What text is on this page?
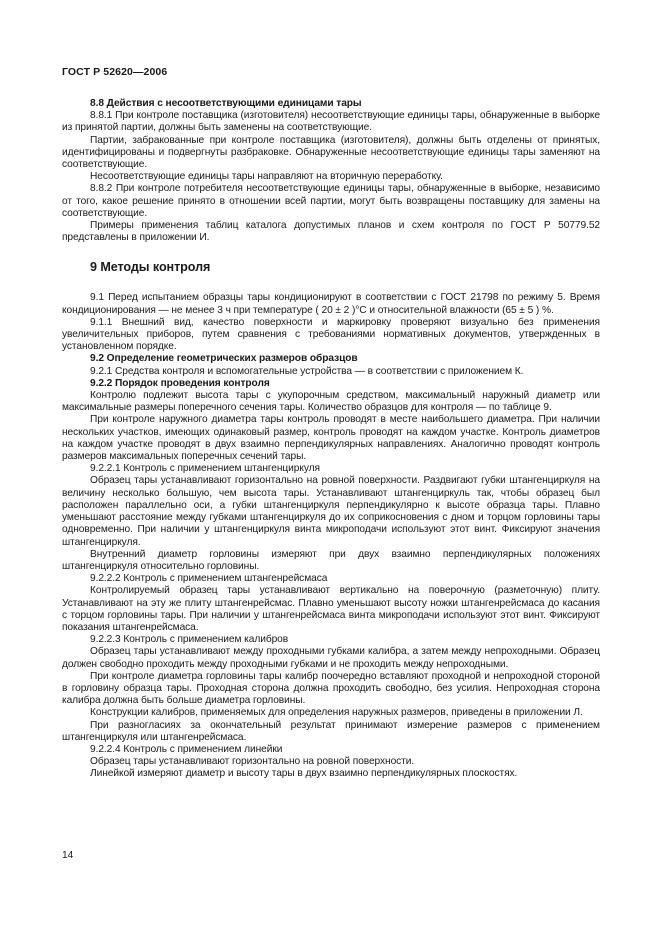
ГОСТ Р 52620—2006

8.8 Действия с несоответствующими единицами тары

8.8.1 При контроле поставщика (изготовителя) несоответствующие единицы тары, обнаруженные в выборке из принятой партии, должны быть заменены на соответствующие.

Партии, забракованные при контроле поставщика (изготовителя), должны быть отделены от принятых, идентифицированы и подвергнуты разбраковке. Обнаруженные несоответствующие единицы тары заменяют на соответствующие.

Несоответствующие единицы тары направляют на вторичную переработку.

8.8.2 При контроле потребителя несоответствующие единицы тары, обнаруженные в выборке, независимо от того, какое решение принято в отношении всей партии, могут быть возвращены поставщику для замены на соответствующие.

Примеры применения таблиц каталога допустимых планов и схем контроля по ГОСТ Р 50779.52 представлены в приложении И.

9 Методы контроля

9.1 Перед испытанием образцы тары кондиционируют в соответствии с ГОСТ 21798 по режиму 5. Время кондиционирования — не менее 3 ч при температуре ( 20 ± 2 )°С и относительной влажности (65 ± 5 ) %.

9.1.1 Внешний вид, качество поверхности и маркировку проверяют визуально без применения увеличительных приборов, путем сравнения с требованиями нормативных документов, утвержденных в установленном порядке.

9.2 Определение геометрических размеров образцов

9.2.1 Средства контроля и вспомогательные устройства — в соответствии с приложением К.

9.2.2 Порядок проведения контроля

Контролю подлежит высота тары с укупорочным средством, максимальный наружный диаметр или максимальные размеры поперечного сечения тары. Количество образцов для контроля — по таблице 9.

При контроле наружного диаметра тары контроль проводят в месте наибольшего диаметра. При наличии нескольких участков, имеющих одинаковый размер, контроль проводят на каждом участке. Контроль диаметров на каждом участке проводят в двух взаимно перпендикулярных направлениях. Аналогично проводят контроль размеров максимальных поперечных сечений тары.

9.2.2.1 Контроль с применением штангенциркуля

Образец тары устанавливают горизонтально на ровной поверхности. Раздвигают губки штангенциркуля на величину несколько большую, чем высота тары. Устанавливают штангенциркуль так, чтобы образец был расположен параллельно оси, а губки штангенциркуля перпендикулярно к высоте образца тары. Плавно уменьшают расстояние между губками штангенциркуля до их соприкосновения с дном и торцом горловины тары одновременно. При наличии у штангенциркуля винта микроподачи используют этот винт. Фиксируют значения штангенциркуля.

Внутренний диаметр горловины измеряют при двух взаимно перпендикулярных положениях штангенциркуля относительно горловины.

9.2.2.2 Контроль с применением штангенрейсмаса

Контролируемый образец тары устанавливают вертикально на поверочную (разметочную) плиту. Устанавливают на эту же плиту штангенрейсмас. Плавно уменьшают высоту ножки штангенрейсмаса до касания с торцом горловины тары. При наличии у штангенрейсмаса винта микроподачи используют этот винт. Фиксируют показания штангенрейсмаса.

9.2.2.3 Контроль с применением калибров

Образец тары устанавливают между проходными губками калибра, а затем между непроходными. Образец должен свободно проходить между проходными губками и не проходить между непроходными.

При контроле диаметра горловины тары калибр поочередно вставляют проходной и непроходной стороной в горловину образца тары. Проходная сторона должна проходить свободно, без усилия. Непроходная сторона калибра должна быть больше диаметра горловины.

Конструкции калибров, применяемых для определения наружных размеров, приведены в приложении Л.

При разногласиях за окончательный результат принимают измерение размеров с применением штангенциркуля или штангенрейсмаса.

9.2.2.4 Контроль с применением линейки

Образец тары устанавливают горизонтально на ровной поверхности.

Линейкой измеряют диаметр и высоту тары в двух взаимно перпендикулярных плоскостях.

14
